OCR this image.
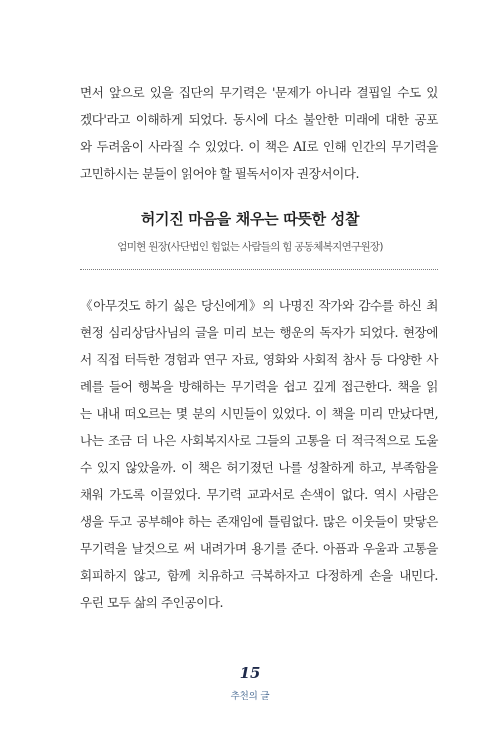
면서 앞으로 있을 집단의 무기력은 '문제가 아니라 결핍일 수도 있
겠다'라고 이해하게 되었다. 동시에 다소 불안한 미래에 대한 공포
와 두려움이 사라질 수 있었다. 이 책은 AI로 인해 인간의 무기력을
고민하시는 분들이 읽어야 할 필독서이자 권장서이다.
허기진 마음을 채우는 따뜻한 성찰
엄미현 원장(사단법인 힘없는 사람들의 힘 공동체복지연구원장)
《아무것도 하기 싫은 당신에게》의 나명진 작가와 감수를 하신 최
현정 심리상담사님의 글을 미리 보는 행운의 독자가 되었다. 현장에
서 직접 터득한 경험과 연구 자료, 영화와 사회적 참사 등 다양한 사
례를 들어 행복을 방해하는 무기력을 쉽고 깊게 접근한다. 책을 읽
는 내내 떠오르는 몇 분의 시민들이 있었다. 이 책을 미리 만났다면,
나는 조금 더 나은 사회복지사로 그들의 고통을 더 적극적으로 도울
수 있지 않았을까. 이 책은 허기졌던 나를 성찰하게 하고, 부족함을
채워 가도록 이끌었다. 무기력 교과서로 손색이 없다. 역시 사람은
생을 두고 공부해야 하는 존재임에 틀림없다. 많은 이웃들이 맞닿은
무기력을 날것으로 써 내려가며 용기를 준다. 아픔과 우울과 고통을
회피하지 않고, 함께 치유하고 극복하자고 다정하게 손을 내민다.
우린 모두 삶의 주인공이다.
15
추천의 글
